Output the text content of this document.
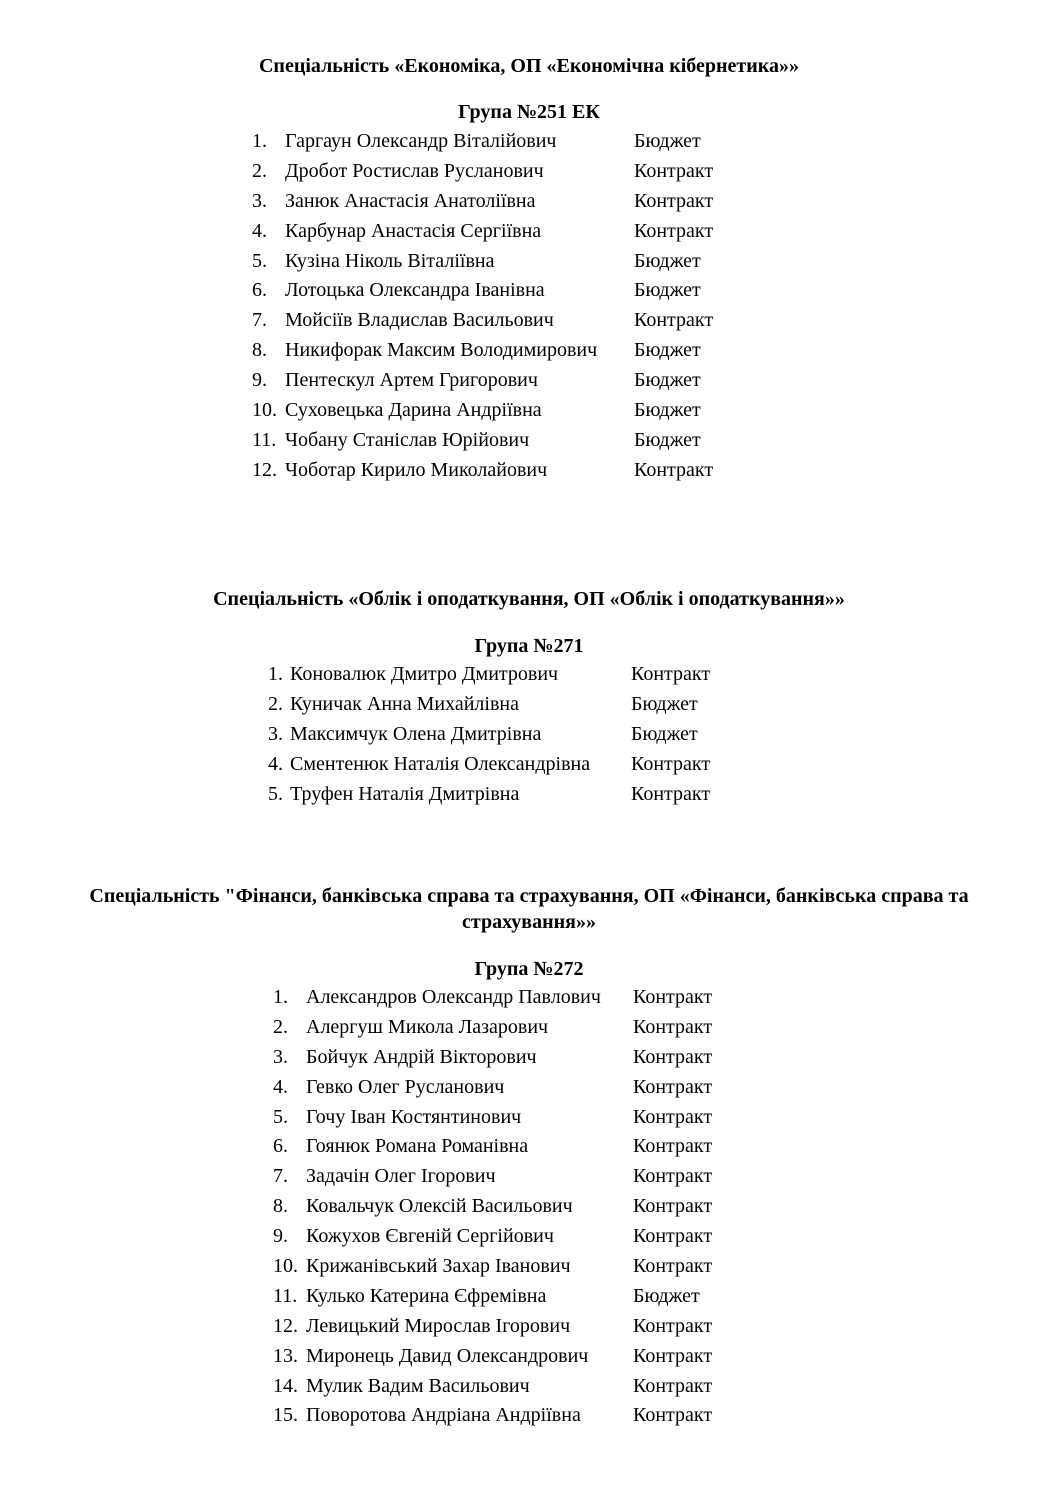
Спеціальність «Економіка, ОП «Економічна кібернетика»»
Група №251 ЕК
1. Гаргаун Олександр Віталійович	Бюджет
2. Дробот Ростислав Русланович	Контракт
3. Занюк Анастасія Анатоліївна	Контракт
4. Карбунар Анастасія Сергіївна	Контракт
5. Кузіна Ніколь Віталіївна	Бюджет
6. Лотоцька Олександра Іванівна	Бюджет
7. Мойсіїв Владислав Васильович	Контракт
8. Никифорак Максим Володимирович Бюджет
9. Пентескул Артем Григорович	Бюджет
10. Суховецька Дарина Андріївна	Бюджет
11. Чобану Станіслав Юрійович	Бюджет
12. Чоботар Кирило Миколайович	Контракт
Спеціальність «Облік і оподаткування, ОП «Облік і оподаткування»»
Група №271
1. Коновалюк Дмитро Дмитрович	Контракт
2. Куничак Анна Михайлівна	Бюджет
3. Максимчук Олена Дмитрівна	Бюджет
4. Сментенюк Наталія Олександрівна Контракт
5. Труфен Наталія Дмитрівна	Контракт
Спеціальність "Фінанси, банківська справа та страхування, ОП «Фінанси, банківська справа та
страхування»»
Група №272
1. Александров Олександр Павлович Контракт
2. Алергуш Микола Лазарович	Контракт
3. Бойчук Андрій Вікторович	Контракт
4. Гевко Олег Русланович	Контракт
5. Гочу Іван Костянтинович	Контракт
6. Гоянюк Романа Романівна	Контракт
7. Задачін Олег Ігорович	Контракт
8. Ковальчук Олексій Васильович	Контракт
9. Кожухов Євгеній Сергійович	Контракт
10. Крижанівський Захар Іванович	Контракт
11. Кулько Катерина Єфремівна	Бюджет
12. Левицький Мирослав Ігорович	Контракт
13. Миронець Давид Олександрович Контракт
14. Мулик Вадим Васильович	Контракт
15. Поворотова Андріана Андріївна	Контракт
